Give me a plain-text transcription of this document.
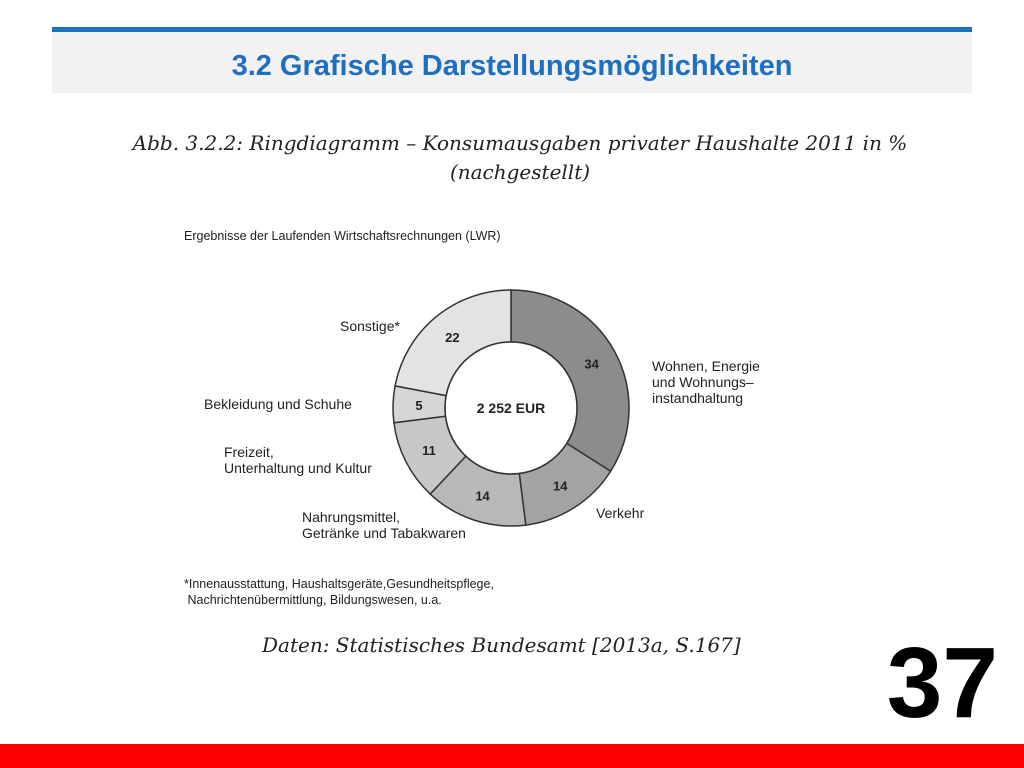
3.2 Grafische Darstellungsmöglichkeiten
Abb. 3.2.2: Ringdiagramm – Konsumausgaben privater Haushalte 2011 in %
(nachgestellt)
Ergebnisse der Laufenden Wirtschaftsrechnungen (LWR)
34	Wohnen, Energie und Wohnungs– instandhaltung
14
Verkehr
14
Nahrungsmittel, Getränke und Tabakwaren
11
Freizeit, Unterhaltung und Kultur
5
Bekleidung und Schuhe
22
Sonstige*
2 252 EUR
*Innenausstattung, Haushaltsgeräte,Gesundheitspflege,
Nachrichtenübermittlung, Bildungswesen, u.a.
Daten: Statistisches Bundesamt [2013a, S.167] 37
